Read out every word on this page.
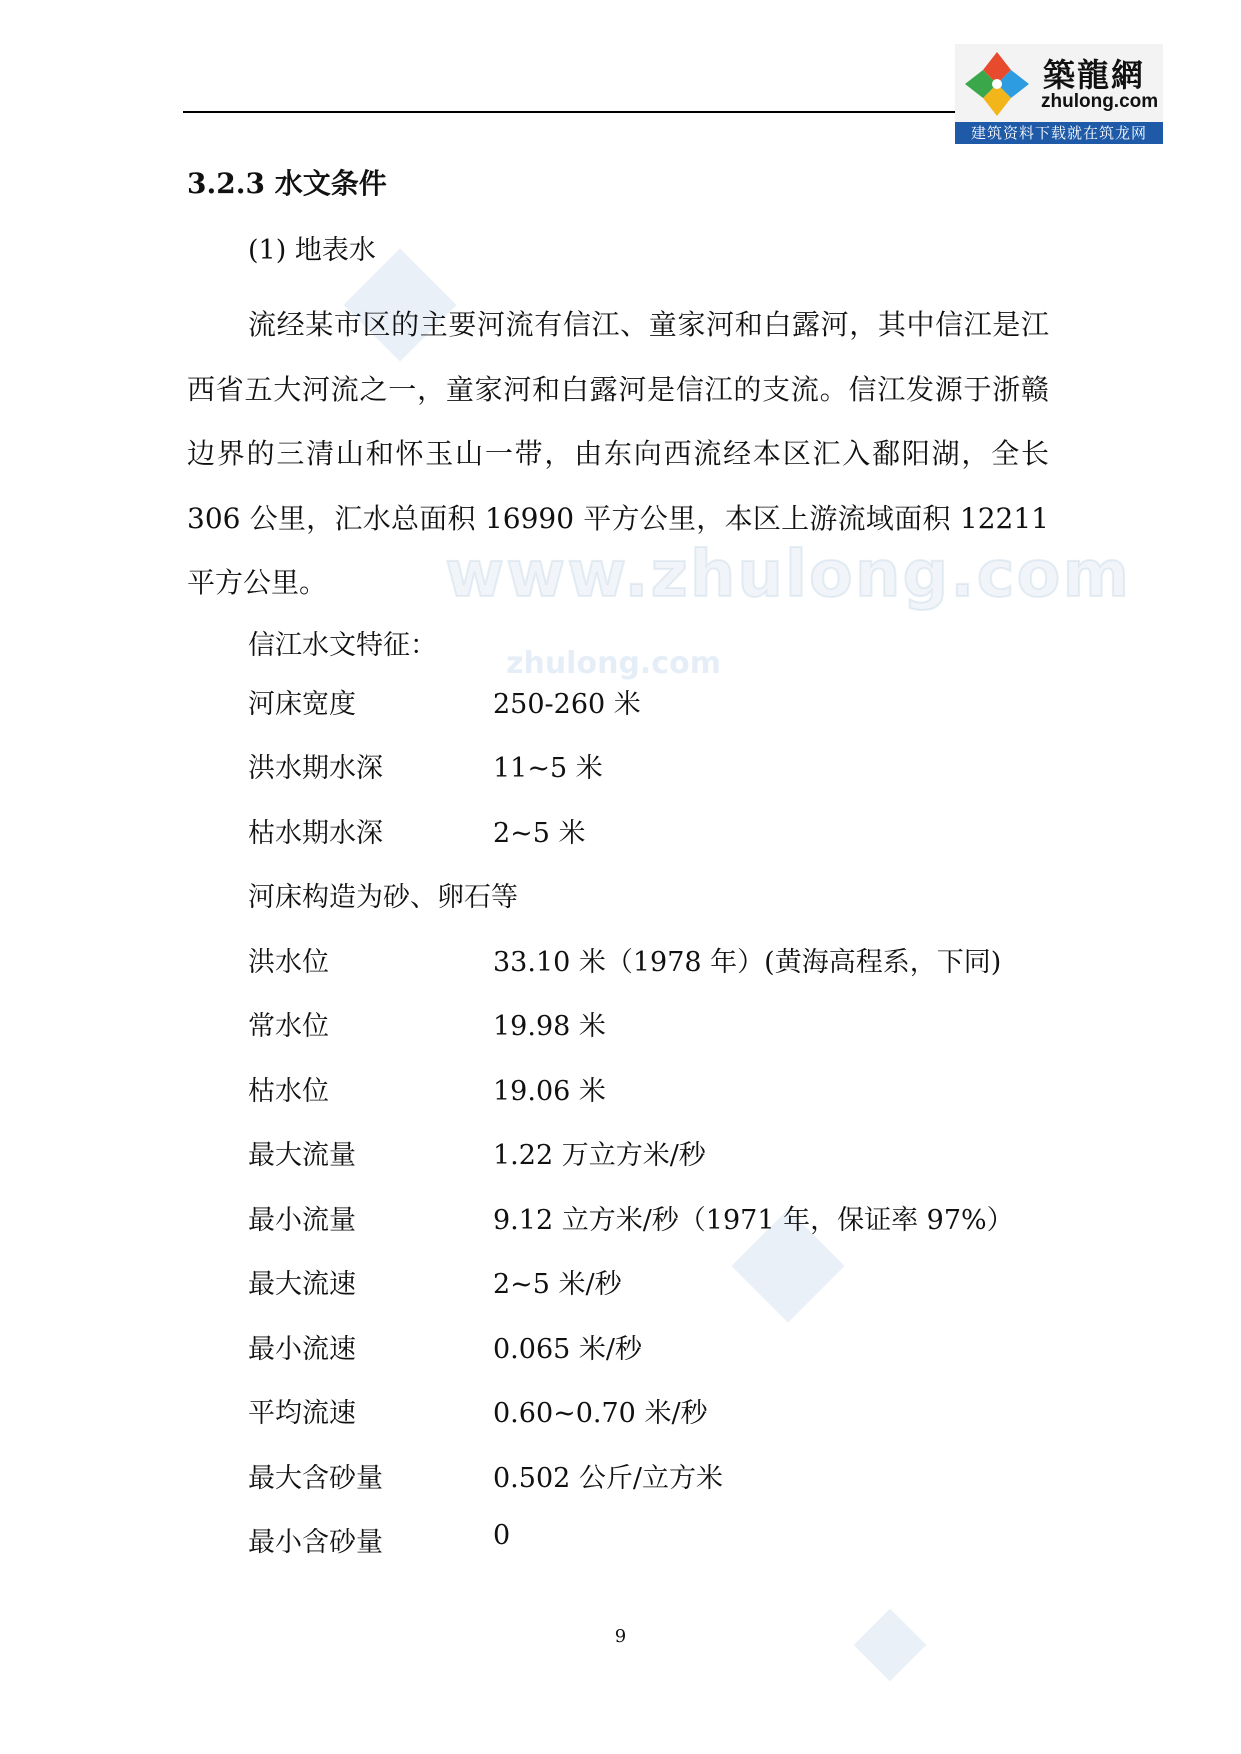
www.zhulong.com
zhulong.com
築龍網
zhulong.com
建筑资料下载就在筑龙网
3.2.3 水文条件
(1) 地表水
流经某市区的主要河流有信江、童家河和白露河，其中信江是江西省五大河流之一，童家河和白露河是信江的支流。信江发源于浙赣边界的三清山和怀玉山一带，由东向西流经本区汇入鄱阳湖，全长306 公里，汇水总面积 16990 平方公里，本区上游流域面积 12211 平方公里。
信江水文特征：
河床宽度	250-260 米
洪水期水深	11~5 米
枯水期水深	2~5 米
河床构造为砂、卵石等
洪水位	33.10 米（1978 年）(黄海高程系，下同)
常水位	19.98 米
枯水位	19.06 米
最大流量	1.22 万立方米/秒
最小流量	9.12 立方米/秒（1971 年，保证率 97%）
最大流速	2~5 米/秒
最小流速	0.065 米/秒
平均流速	0.60~0.70 米/秒
最大含砂量	0.502 公斤/立方米
最小含砂量	0
9
